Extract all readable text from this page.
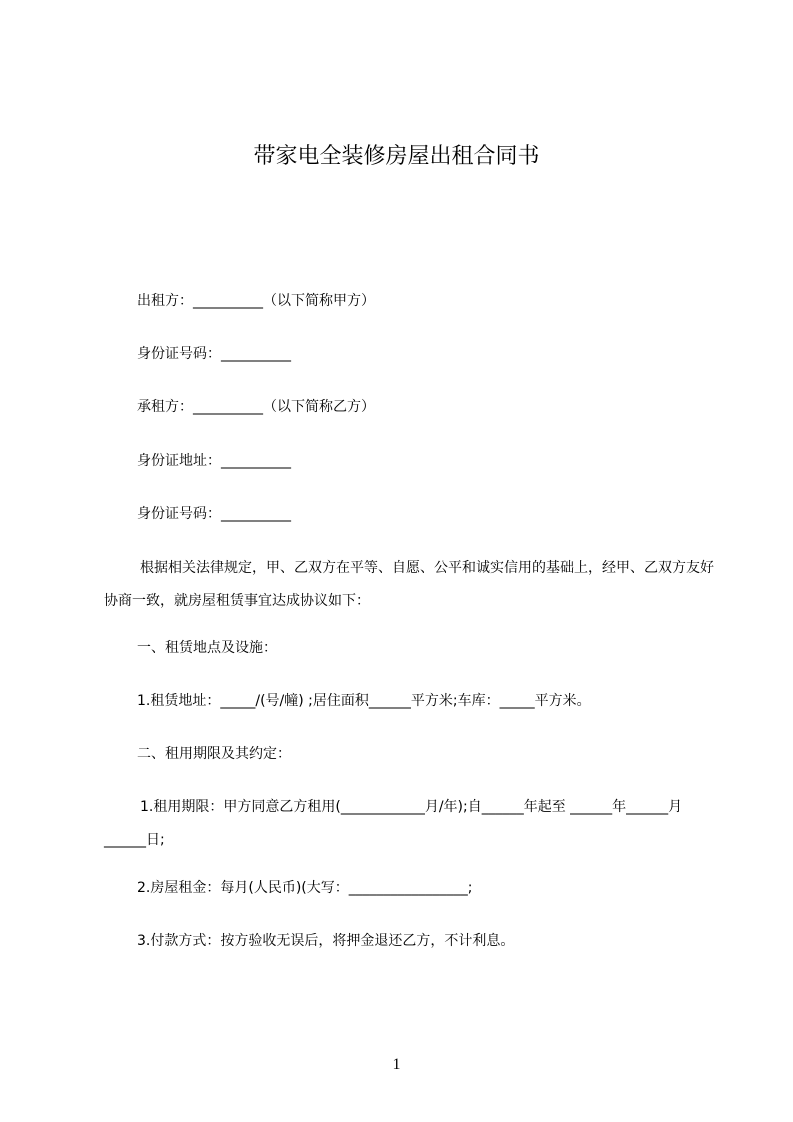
带家电全装修房屋出租合同书
出租方：__________（以下简称甲方）
身份证号码：__________
承租方：__________（以下简称乙方）
身份证地址：__________
身份证号码：__________
根据相关法律规定，甲、乙双方在平等、自愿、公平和诚实信用的基础上，经甲、乙双方友好协商一致，就房屋租赁事宜达成协议如下：
一、租赁地点及设施：
1.租赁地址：_____/(号/幢) ;居住面积______平方米;车库：_____平方米。
二、租用期限及其约定：
1.租用期限：甲方同意乙方租用(____________月/年);自______年起至 ______年______月______日;
2.房屋租金：每月(人民币)(大写：_________________;
3.付款方式：按方验收无误后，将押金退还乙方，不计利息。
1
